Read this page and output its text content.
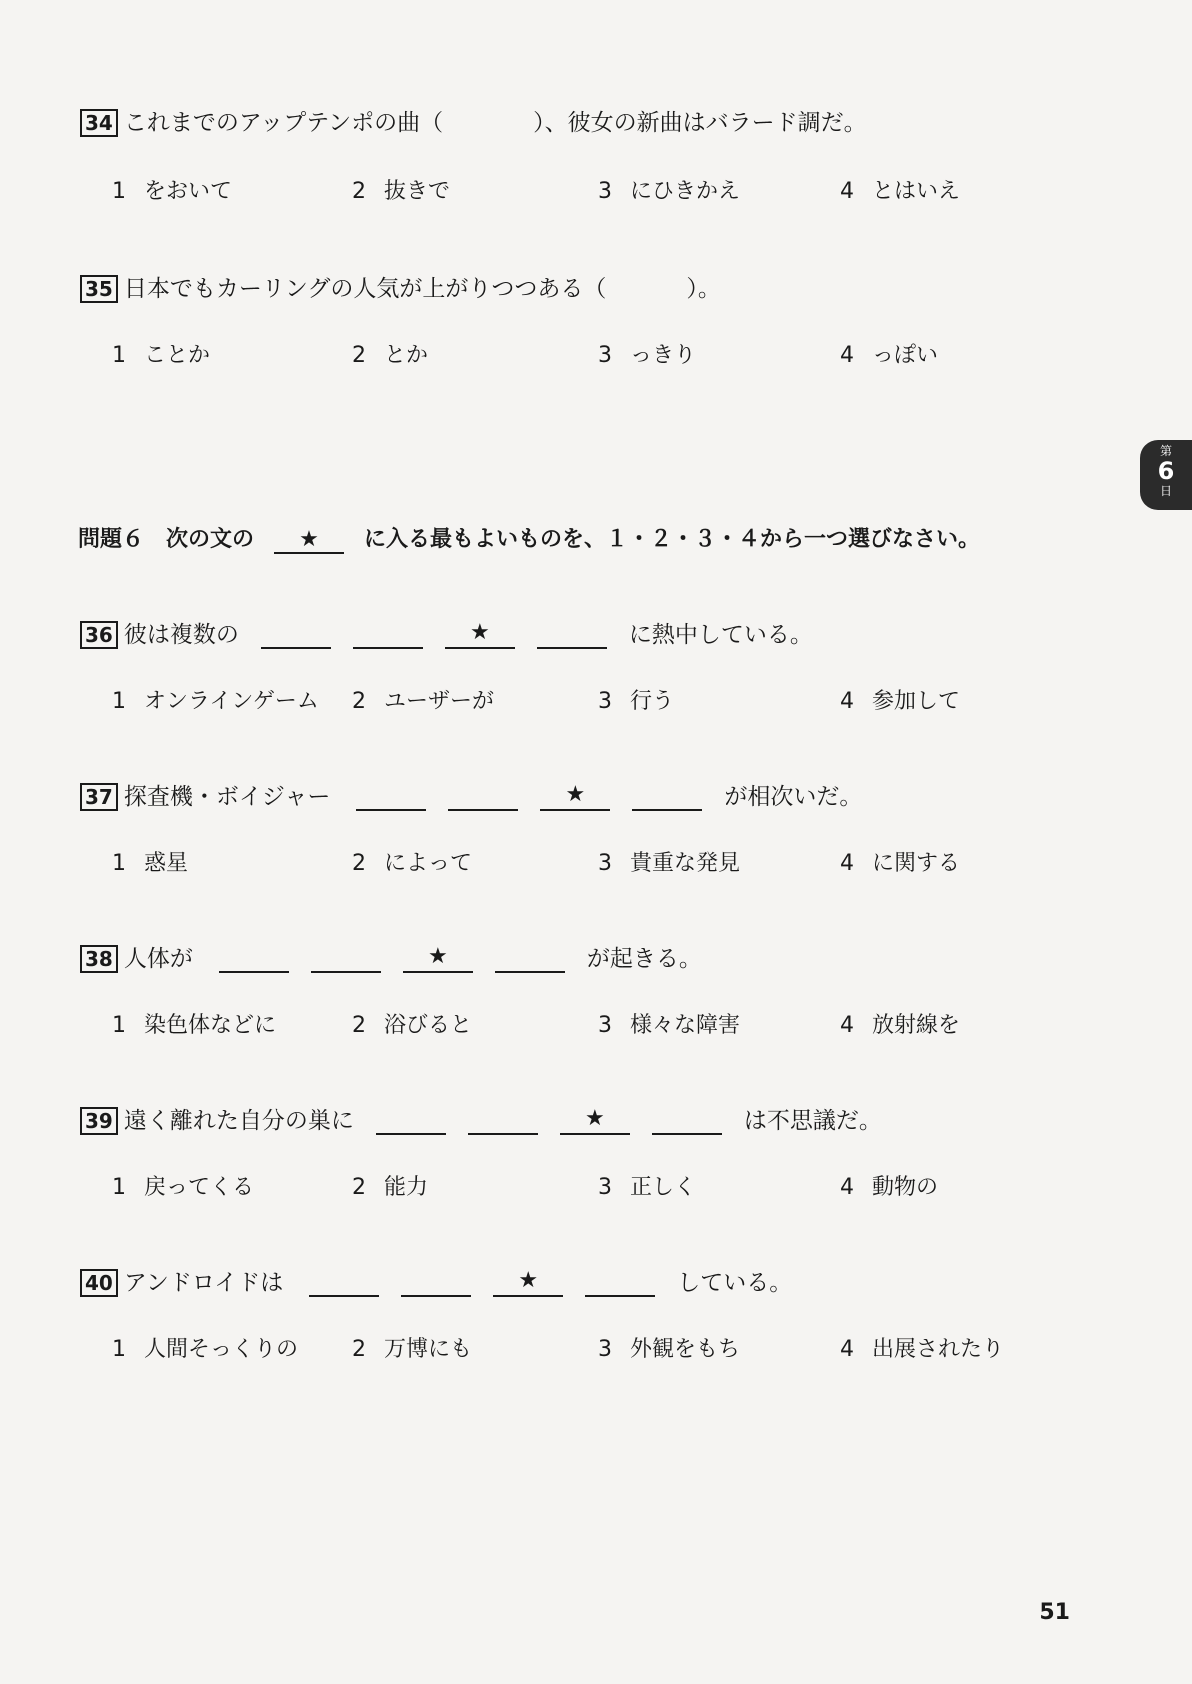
34 これまでのアップテンポの曲（	）、彼女の新曲はバラード調だ。
1 をおいて	2 抜きで	3 にひきかえ	4 とはいえ
35 日本でもカーリングの人気が上がりつつある（	）。
1 ことか	2 とか	3 っきり	4 っぽい
問題６　次の文の ★ に入る最もよいものを、１・２・３・４から一つ選びなさい。
36 彼は複数の ★	に熱中している。
1 オンラインゲーム 2 ユーザーが	3 行う	4 参加して
37 探査機・ボイジャー ★	が相次いだ。
1 惑星	2 によって	3 貴重な発見	4 に関する
38 人体が ★	が起きる。
1 染色体などに	2 浴びると	3 様々な障害	4 放射線を
39 遠く離れた自分の巣に ★	は不思議だ。
1 戻ってくる	2 能力	3 正しく	4 動物の
40 アンドロイドは ★	している。
1 人間そっくりの 2 万博にも	3 外観をもち	4 出展されたり
第
6
日
51
